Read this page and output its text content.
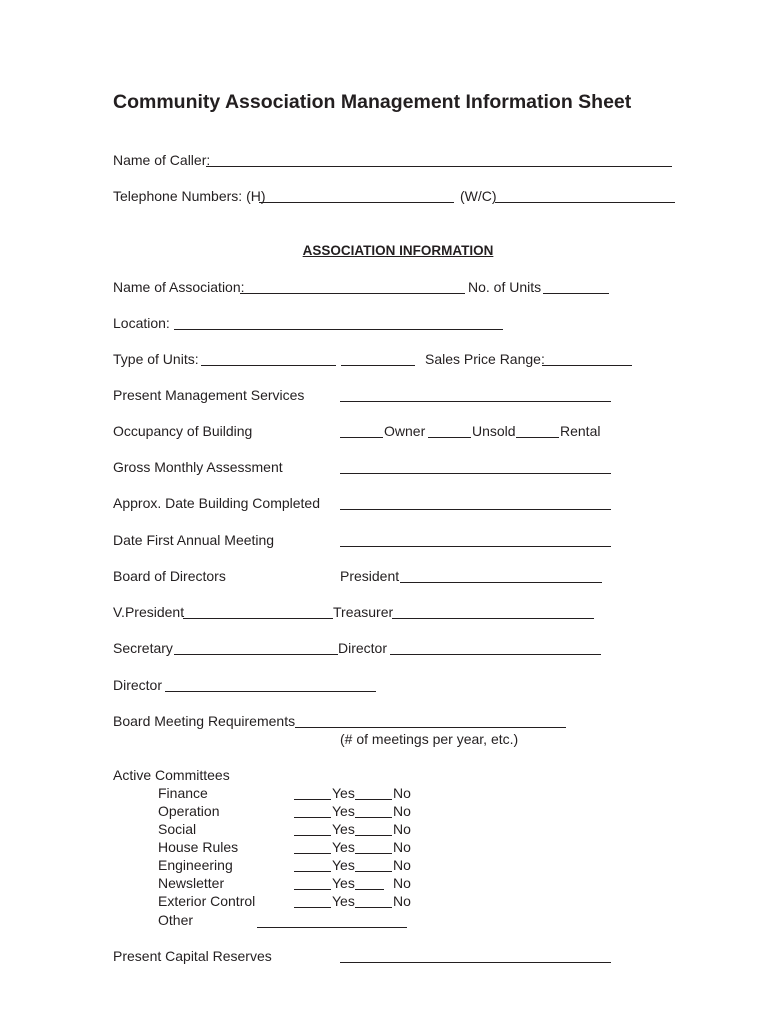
Community Association Management Information Sheet
Name of Caller:
Telephone Numbers: (H)	(W/C)
ASSOCIATION INFORMATION
Name of Association:	No. of Units
Location:
Type of Units:	Sales Price Range:
Present Management Services
Occupancy of Building	Owner	Unsold	Rental
Gross Monthly Assessment
Approx. Date Building Completed
Date First Annual Meeting
Board of Directors	President
V.President	Treasurer
Secretary	Director
Director
Board Meeting Requirements
(# of meetings per year, etc.)
Active Committees
Finance	Yes	No
Operation	Yes	No
Social	Yes	No
House Rules	Yes	No
Engineering	Yes	No
Newsletter	Yes	No
Exterior Control	Yes	No
Other
Present Capital Reserves
